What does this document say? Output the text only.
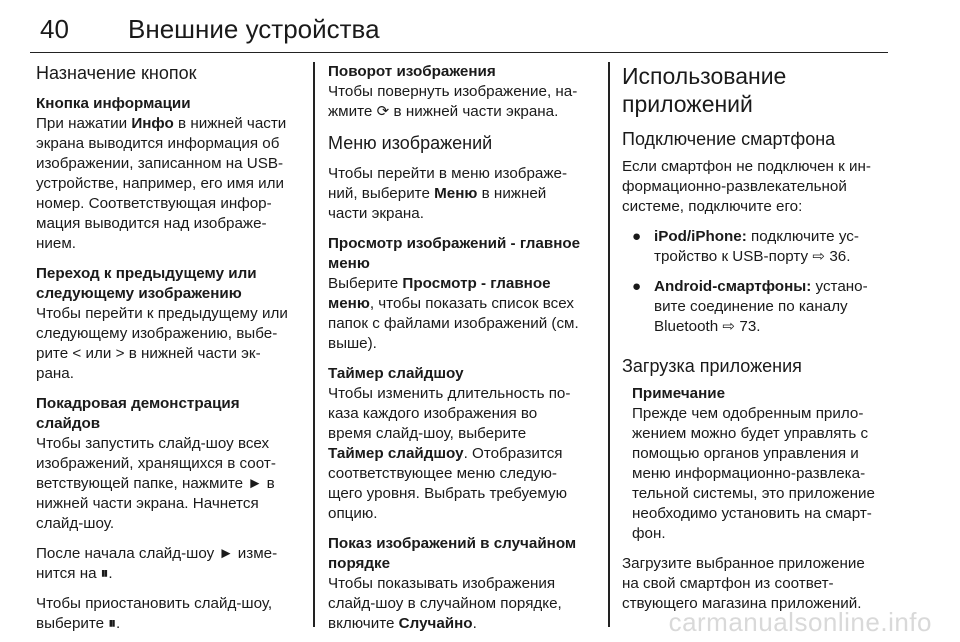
40 Внешние устройства
Назначение кнопок
Кнопка информации
При нажатии Инфо в нижней части
экрана выводится информация об
изображении, записанном на USB-
устройстве, например, его имя или
номер. Соответствующая инфор-
мация выводится над изображе-
нием.
Переход к предыдущему или
следующему изображению
Чтобы перейти к предыдущему или
следующему изображению, выбе-
рите < или > в нижней части эк-
рана.
Покадровая демонстрация
слайдов
Чтобы запустить слайд-шоу всех
изображений, хранящихся в соот-
ветствующей папке, нажмите ► в
нижней части экрана. Начнется
слайд-шоу.
После начала слайд-шоу ► изме-
нится на ⏸.
Чтобы приостановить слайд-шоу,
выберите ⏸.
Поворот изображения
Чтобы повернуть изображение, на-
жмите ⟳ в нижней части экрана.
Меню изображений
Чтобы перейти в меню изображе-
ний, выберите Меню в нижней
части экрана.
Просмотр изображений - главное
меню
Выберите Просмотр - главное
меню, чтобы показать список всех
папок с файлами изображений (см.
выше).
Таймер слайдшоу
Чтобы изменить длительность по-
каза каждого изображения во
время слайд-шоу, выберите
Таймер слайдшоу. Отобразится
соответствующее меню следую-
щего уровня. Выбрать требуемую
опцию.
Показ изображений в случайном
порядке
Чтобы показывать изображения
слайд-шоу в случайном порядке,
включите Случайно.
Использование
приложений
Подключение смартфона
Если смартфон не подключен к ин-
формационно-развлекательной
системе, подключите его:
● iPod/iPhone: подключите ус-
тройство к USB-порту ⇨ 36.
● Android-смартфоны: устано-
вите соединение по каналу
Bluetooth ⇨ 73.
Загрузка приложения
Примечание
Прежде чем одобренным прило-
жением можно будет управлять с
помощью органов управления и
меню информационно-развлека-
тельной системы, это приложение
необходимо установить на смарт-
фон.
Загрузите выбранное приложение
на свой смартфон из соответ-
ствующего магазина приложений.
carmanualsonline.info
